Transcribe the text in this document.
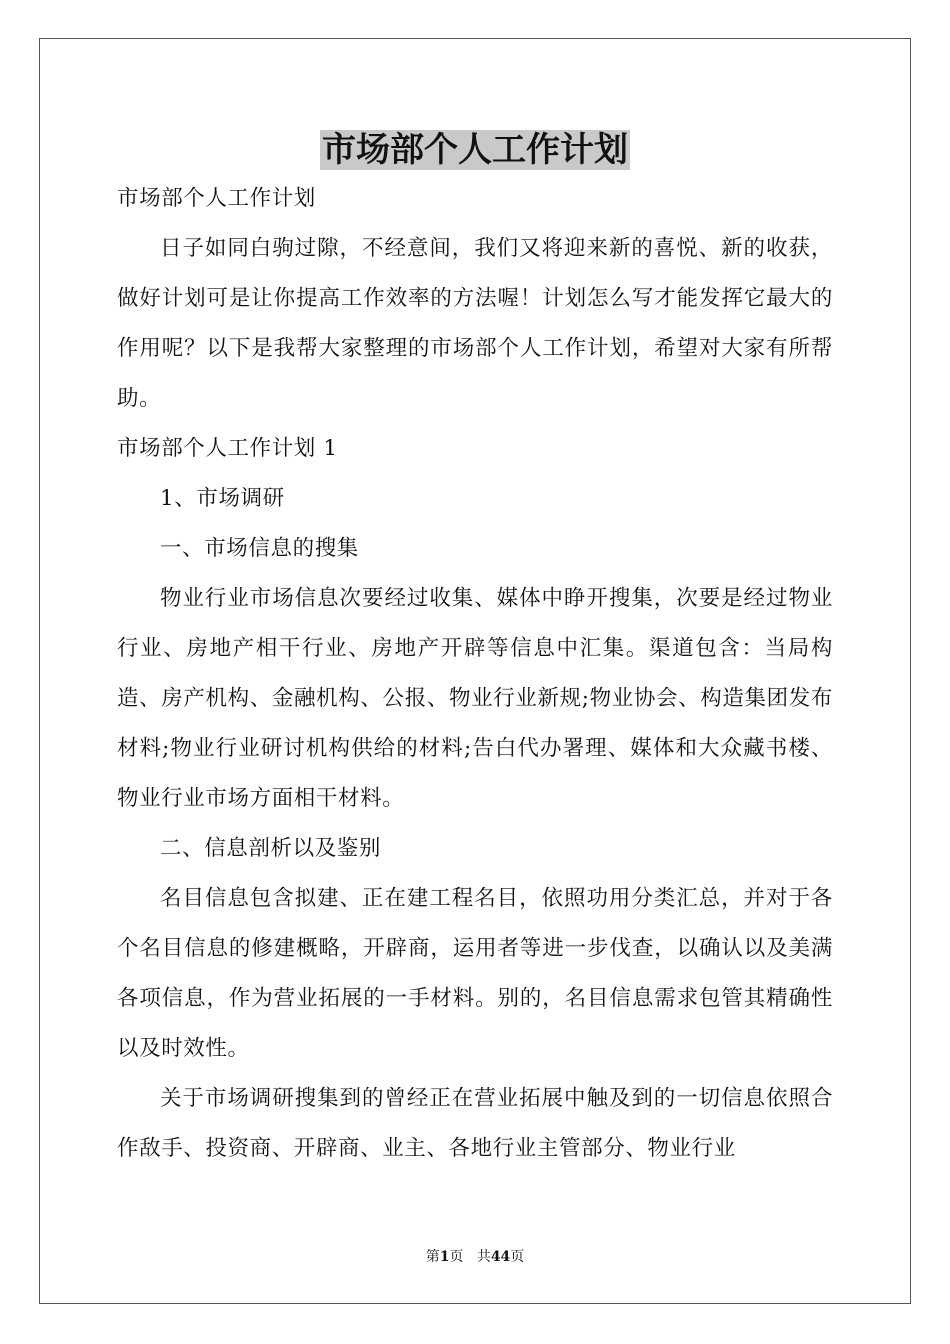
市场部个人工作计划

市场部个人工作计划

日子如同白驹过隙，不经意间，我们又将迎来新的喜悦、新的收获，做好计划可是让你提高工作效率的方法喔！计划怎么写才能发挥它最大的作用呢？以下是我帮大家整理的市场部个人工作计划，希望对大家有所帮助。

市场部个人工作计划 1

1、市场调研

一、市场信息的搜集

物业行业市场信息次要经过收集、媒体中睁开搜集，次要是经过物业行业、房地产相干行业、房地产开辟等信息中汇集。渠道包含：当局构造、房产机构、金融机构、公报、物业行业新规;物业协会、构造集团发布材料;物业行业研讨机构供给的材料;告白代办署理、媒体和大众藏书楼、物业行业市场方面相干材料。

二、信息剖析以及鉴别

名目信息包含拟建、正在建工程名目，依照功用分类汇总，并对于各个名目信息的修建概略，开辟商，运用者等进一步伐查，以确认以及美满各项信息，作为营业拓展的一手材料。别的，名目信息需求包管其精确性以及时效性。

关于市场调研搜集到的曾经正在营业拓展中触及到的一切信息依照合作敌手、投资商、开辟商、业主、各地行业主管部分、物业行业

第1页 共44页
